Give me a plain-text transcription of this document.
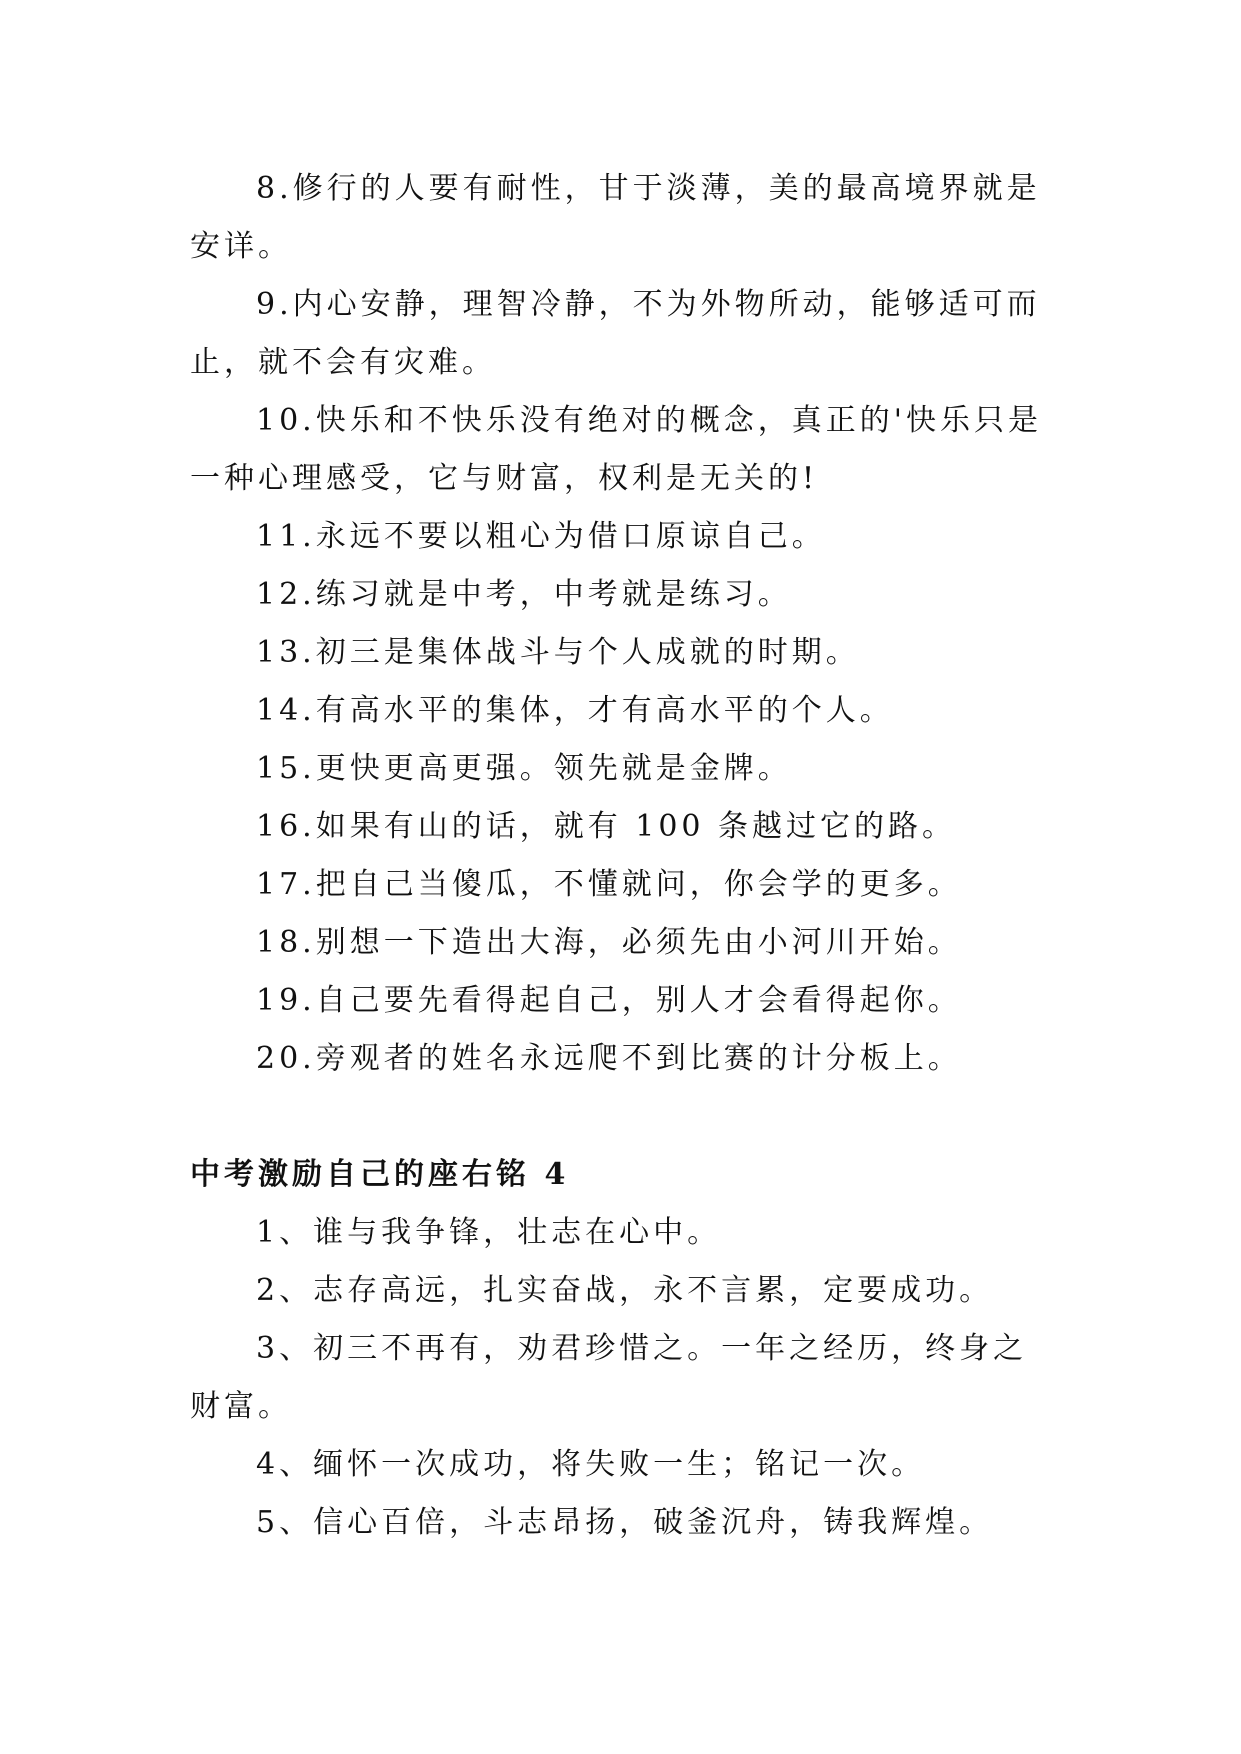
8.修行的人要有耐性，甘于淡薄，美的最高境界就是安详。

9.内心安静，理智冷静，不为外物所动，能够适可而止，就不会有灾难。

10.快乐和不快乐没有绝对的概念，真正的'快乐只是一种心理感受，它与财富，权利是无关的!

11.永远不要以粗心为借口原谅自己。

12.练习就是中考，中考就是练习。

13.初三是集体战斗与个人成就的时期。

14.有高水平的集体，才有高水平的个人。

15.更快更高更强。领先就是金牌。

16.如果有山的话，就有 100 条越过它的路。

17.把自己当傻瓜，不懂就问，你会学的更多。

18.别想一下造出大海，必须先由小河川开始。

19.自己要先看得起自己，别人才会看得起你。

20.旁观者的姓名永远爬不到比赛的计分板上。

中考激励自己的座右铭 4

1、谁与我争锋，壮志在心中。

2、志存高远，扎实奋战，永不言累，定要成功。

3、初三不再有，劝君珍惜之。一年之经历，终身之财富。

4、缅怀一次成功，将失败一生；铭记一次。

5、信心百倍，斗志昂扬，破釜沉舟，铸我辉煌。
